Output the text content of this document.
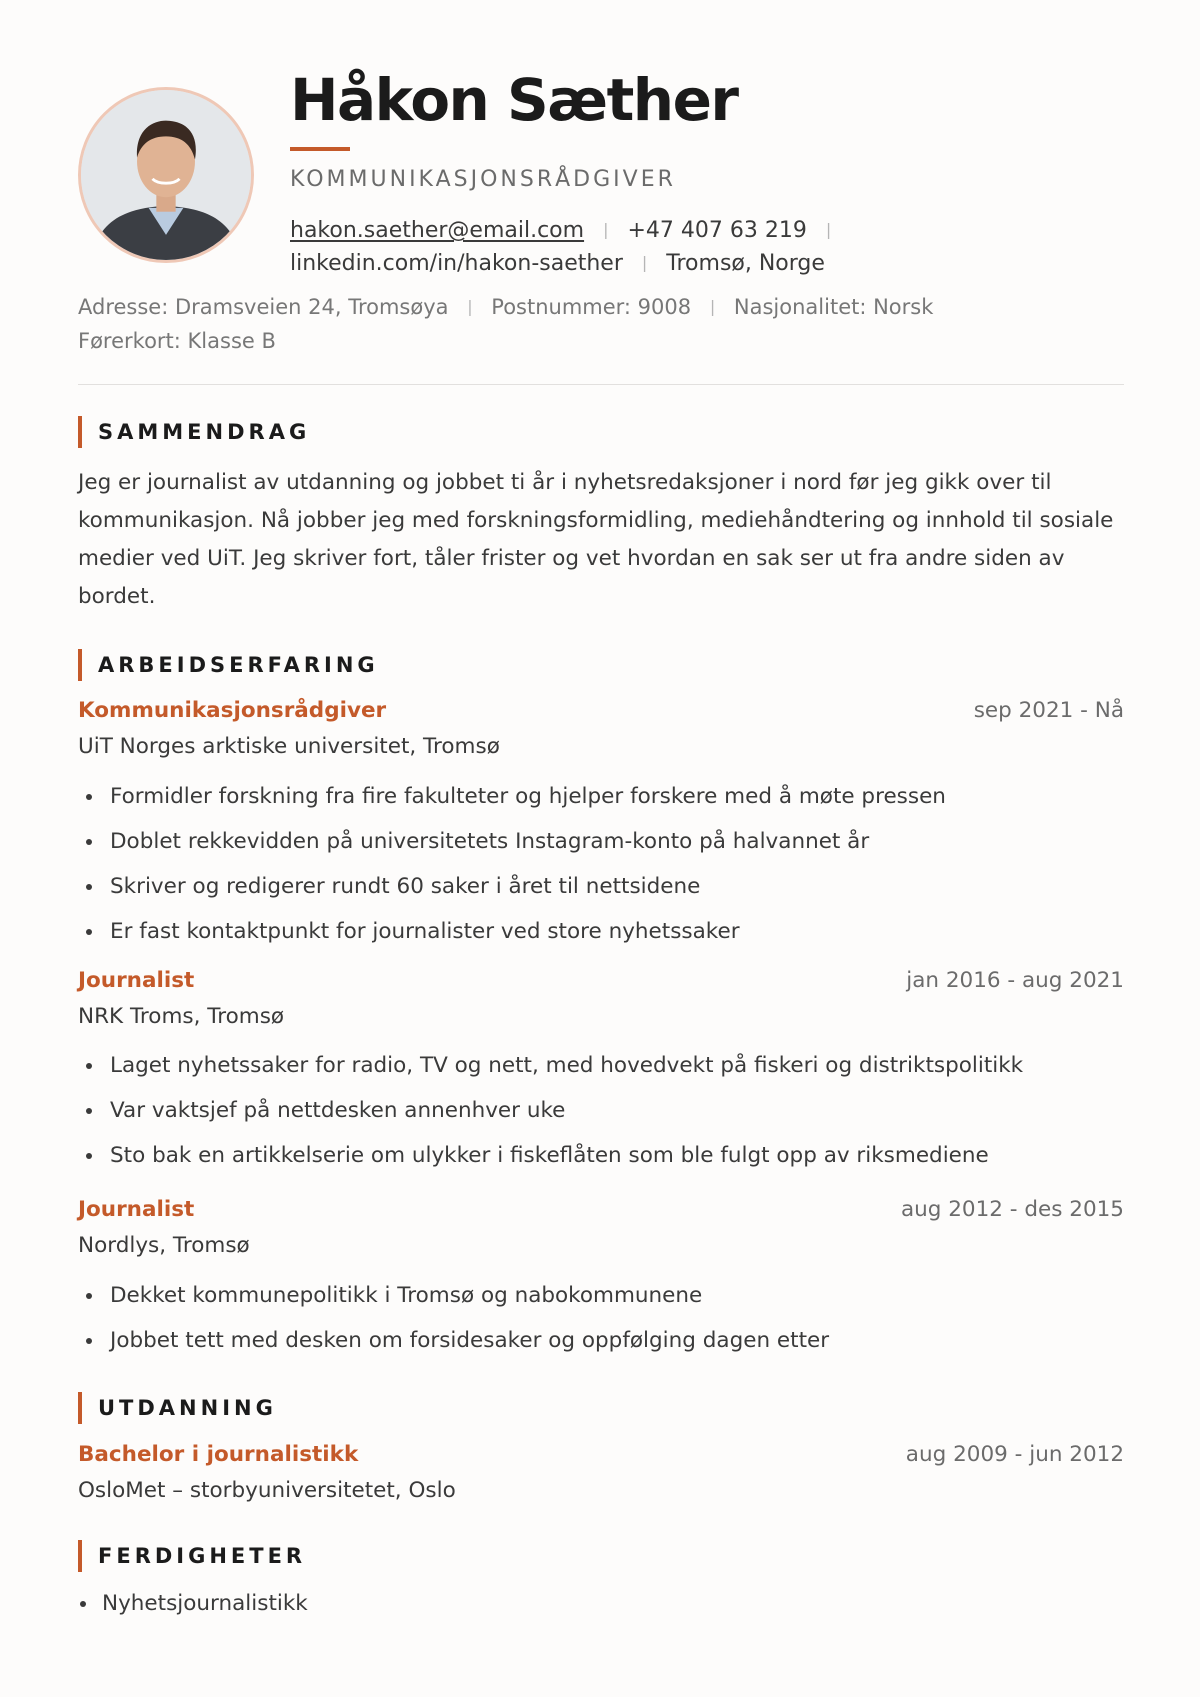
Håkon Sæther
KOMMUNIKASJONSRÅDGIVER
hakon.saether@email.com | +47 407 63 219 |
linkedin.com/in/hakon-saether | Tromsø, Norge
Adresse: Dramsveien 24, Tromsøya | Postnummer: 9008 | Nasjonalitet: Norsk
Førerkort: Klasse B
SAMMENDRAG

Jeg er journalist av utdanning og jobbet ti år i nyhetsredaksjoner i nord før jeg gikk over til kommunikasjon. Nå jobber jeg med forskningsformidling, mediehåndtering og innhold til sosiale medier ved UiT. Jeg skriver fort, tåler frister og vet hvordan en sak ser ut fra andre siden av bordet.

ARBEIDSERFARING
Kommunikasjonsrådgiver	sep 2021 - Nå
UiT Norges arktiske universitet, Tromsø
Formidler forskning fra fire fakulteter og hjelper forskere med å møte pressen
Doblet rekkevidden på universitetets Instagram-konto på halvannet år
Skriver og redigerer rundt 60 saker i året til nettsidene
Er fast kontaktpunkt for journalister ved store nyhetssaker
Journalist	jan 2016 - aug 2021
NRK Troms, Tromsø
Laget nyhetssaker for radio, TV og nett, med hovedvekt på fiskeri og distriktspolitikk
Var vaktsjef på nettdesken annenhver uke
Sto bak en artikkelserie om ulykker i fiskeflåten som ble fulgt opp av riksmediene
Journalist	aug 2012 - des 2015
Nordlys, Tromsø
Dekket kommunepolitikk i Tromsø og nabokommunene
Jobbet tett med desken om forsidesaker og oppfølging dagen etter
UTDANNING
Bachelor i journalistikk	aug 2009 - jun 2012
OsloMet – storbyuniversitetet, Oslo
FERDIGHETER
Nyhetsjournalistikk
